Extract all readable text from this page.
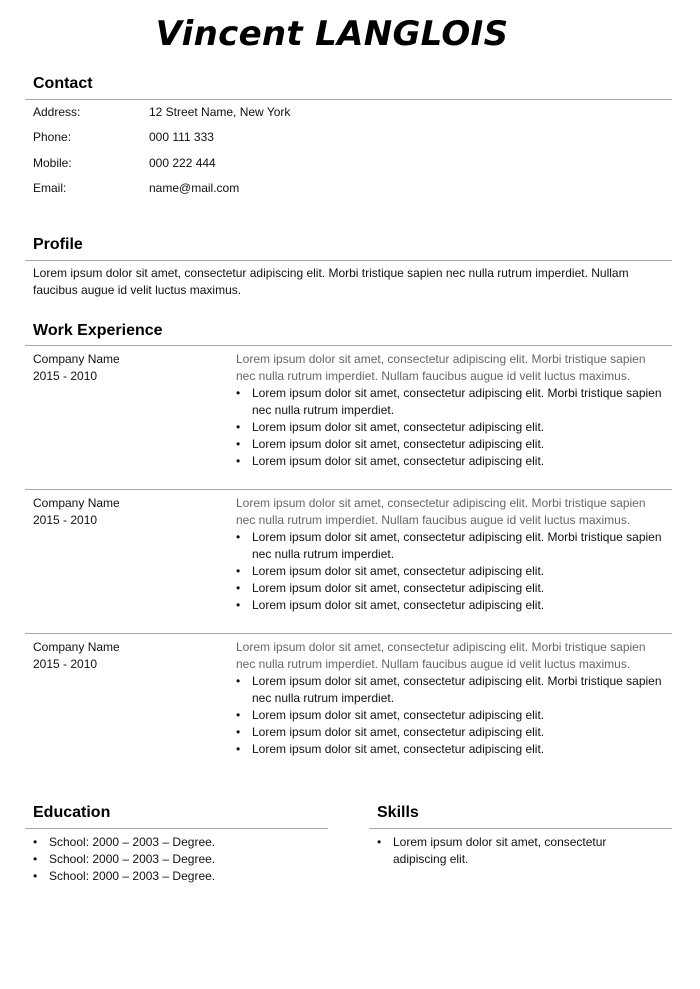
Vincent LANGLOIS
Contact
Address:	12 Street Name, New York
Phone:	000 111 333
Mobile:	000 222 444
Email:	name@mail.com
Profile
Lorem ipsum dolor sit amet, consectetur adipiscing elit. Morbi tristique sapien nec nulla rutrum imperdiet. Nullam faucibus augue id velit luctus maximus.
Work Experience
Company Name
2015 - 2010
Lorem ipsum dolor sit amet, consectetur adipiscing elit. Morbi tristique sapien nec nulla rutrum imperdiet. Nullam faucibus augue id velit luctus maximus.
• Lorem ipsum dolor sit amet, consectetur adipiscing elit. Morbi tristique sapien nec nulla rutrum imperdiet.
• Lorem ipsum dolor sit amet, consectetur adipiscing elit.
• Lorem ipsum dolor sit amet, consectetur adipiscing elit.
• Lorem ipsum dolor sit amet, consectetur adipiscing elit.
Company Name
2015 - 2010
Lorem ipsum dolor sit amet, consectetur adipiscing elit. Morbi tristique sapien nec nulla rutrum imperdiet. Nullam faucibus augue id velit luctus maximus.
• Lorem ipsum dolor sit amet, consectetur adipiscing elit. Morbi tristique sapien nec nulla rutrum imperdiet.
• Lorem ipsum dolor sit amet, consectetur adipiscing elit.
• Lorem ipsum dolor sit amet, consectetur adipiscing elit.
• Lorem ipsum dolor sit amet, consectetur adipiscing elit.
Company Name
2015 - 2010
Lorem ipsum dolor sit amet, consectetur adipiscing elit. Morbi tristique sapien nec nulla rutrum imperdiet. Nullam faucibus augue id velit luctus maximus.
• Lorem ipsum dolor sit amet, consectetur adipiscing elit. Morbi tristique sapien nec nulla rutrum imperdiet.
• Lorem ipsum dolor sit amet, consectetur adipiscing elit.
• Lorem ipsum dolor sit amet, consectetur adipiscing elit.
• Lorem ipsum dolor sit amet, consectetur adipiscing elit.
Education
• School: 2000 – 2003 – Degree.
• School: 2000 – 2003 – Degree.
• School: 2000 – 2003 – Degree.
Skills
• Lorem ipsum dolor sit amet, consectetur adipiscing elit.
